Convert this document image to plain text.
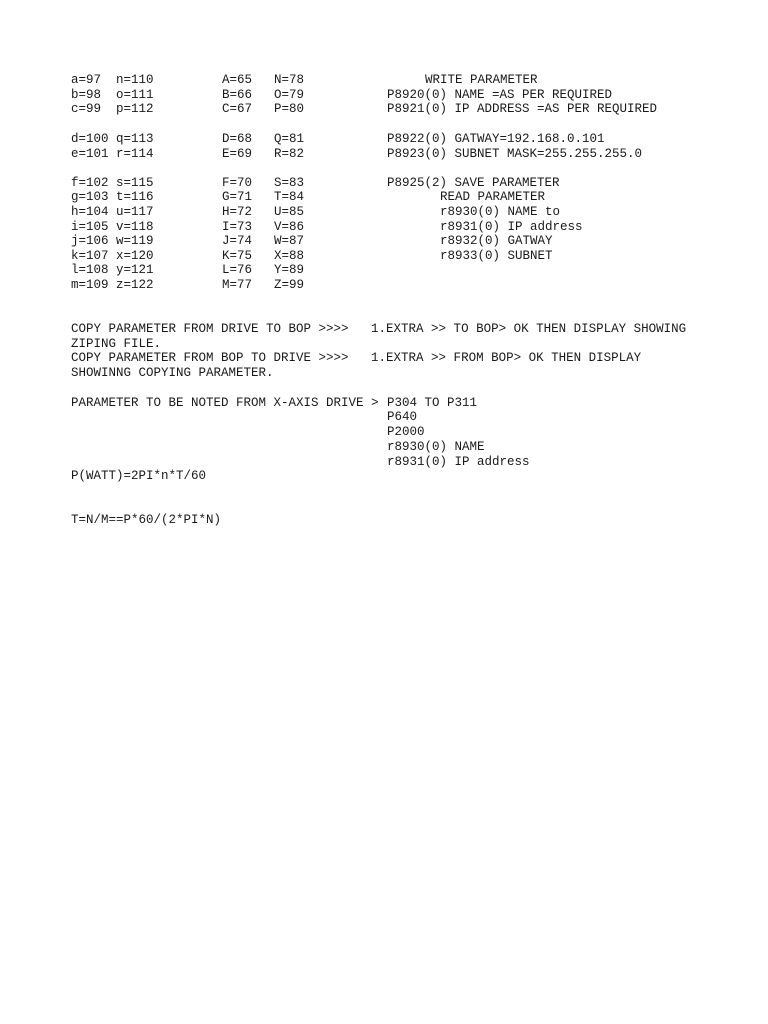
a=97 n=110	A=65 N=78
b=98 o=111	B=66 O=79
c=99 p=112	C=67 P=80
d=100 q=113	D=68 Q=81
e=101 r=114	E=69 R=82
f=102 s=115	F=70 S=83
g=103 t=116	G=71 T=84
h=104 u=117	H=72 U=85
i=105 v=118	I=73 V=86
j=106 w=119	J=74 W=87
k=107 x=120	K=75 X=88
l=108 y=121	L=76 Y=89
m=109 z=122	M=77 Z=99
WRITE PARAMETER
P8920(0) NAME =AS PER REQUIRED
P8921(0) IP ADDRESS =AS PER REQUIRED
P8922(0) GATWAY=192.168.0.101
P8923(0) SUBNET MASK=255.255.255.0
P8925(2) SAVE PARAMETER
READ PARAMETER
r8930(0) NAME to
r8931(0) IP address
r8932(0) GATWAY
r8933(0) SUBNET
COPY PARAMETER FROM DRIVE TO BOP >>>>   1.EXTRA >> TO BOP> OK THEN DISPLAY SHOWING
ZIPING FILE.
COPY PARAMETER FROM BOP TO DRIVE >>>>   1.EXTRA >> FROM BOP> OK THEN DISPLAY
SHOWINNG COPYING PARAMETER.
PARAMETER TO BE NOTED FROM X-AXIS DRIVE > P304 TO P311
P640
P2000
r8930(0) NAME
r8931(0) IP address
P(WATT)=2PI*n*T/60
T=N/M==P*60/(2*PI*N)
